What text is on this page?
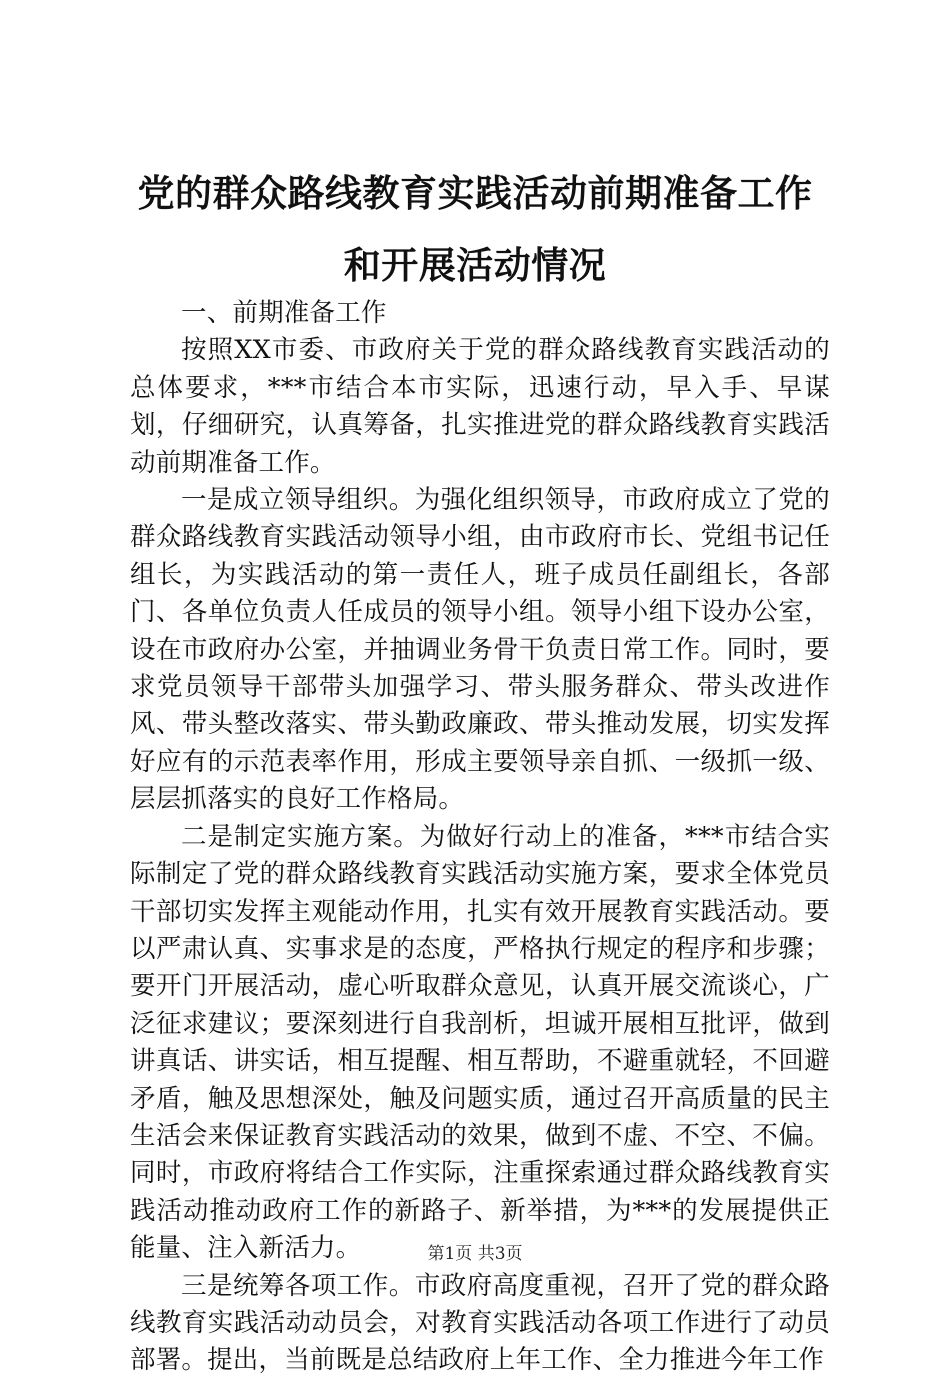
党的群众路线教育实践活动前期准备工作和开展活动情况

一、前期准备工作

按照XX市委、市政府关于党的群众路线教育实践活动的总体要求，***市结合本市实际，迅速行动，早入手、早谋划，仔细研究，认真筹备，扎实推进党的群众路线教育实践活动前期准备工作。

一是成立领导组织。为强化组织领导，市政府成立了党的群众路线教育实践活动领导小组，由市政府市长、党组书记任组长，为实践活动的第一责任人，班子成员任副组长，各部门、各单位负责人任成员的领导小组。领导小组下设办公室，设在市政府办公室，并抽调业务骨干负责日常工作。同时，要求党员领导干部带头加强学习、带头服务群众、带头改进作风、带头整改落实、带头勤政廉政、带头推动发展，切实发挥好应有的示范表率作用，形成主要领导亲自抓、一级抓一级、层层抓落实的良好工作格局。

二是制定实施方案。为做好行动上的准备，***市结合实际制定了党的群众路线教育实践活动实施方案，要求全体党员干部切实发挥主观能动作用，扎实有效开展教育实践活动。要以严肃认真、实事求是的态度，严格执行规定的程序和步骤；要开门开展活动，虚心听取群众意见，认真开展交流谈心，广泛征求建议；要深刻进行自我剖析，坦诚开展相互批评，做到讲真话、讲实话，相互提醒、相互帮助，不避重就轻，不回避矛盾，触及思想深处，触及问题实质，通过召开高质量的民主生活会来保证教育实践活动的效果，做到不虚、不空、不偏。同时，市政府将结合工作实际，注重探索通过群众路线教育实践活动推动政府工作的新路子、新举措，为***的发展提供正能量、注入新活力。

三是统筹各项工作。市政府高度重视，召开了党的群众路线教育实践活动动员会，对教育实践活动各项工作进行了动员部署。提出，当前既是总结政府上年工作、全力推进今年工作

第1页 共3页
